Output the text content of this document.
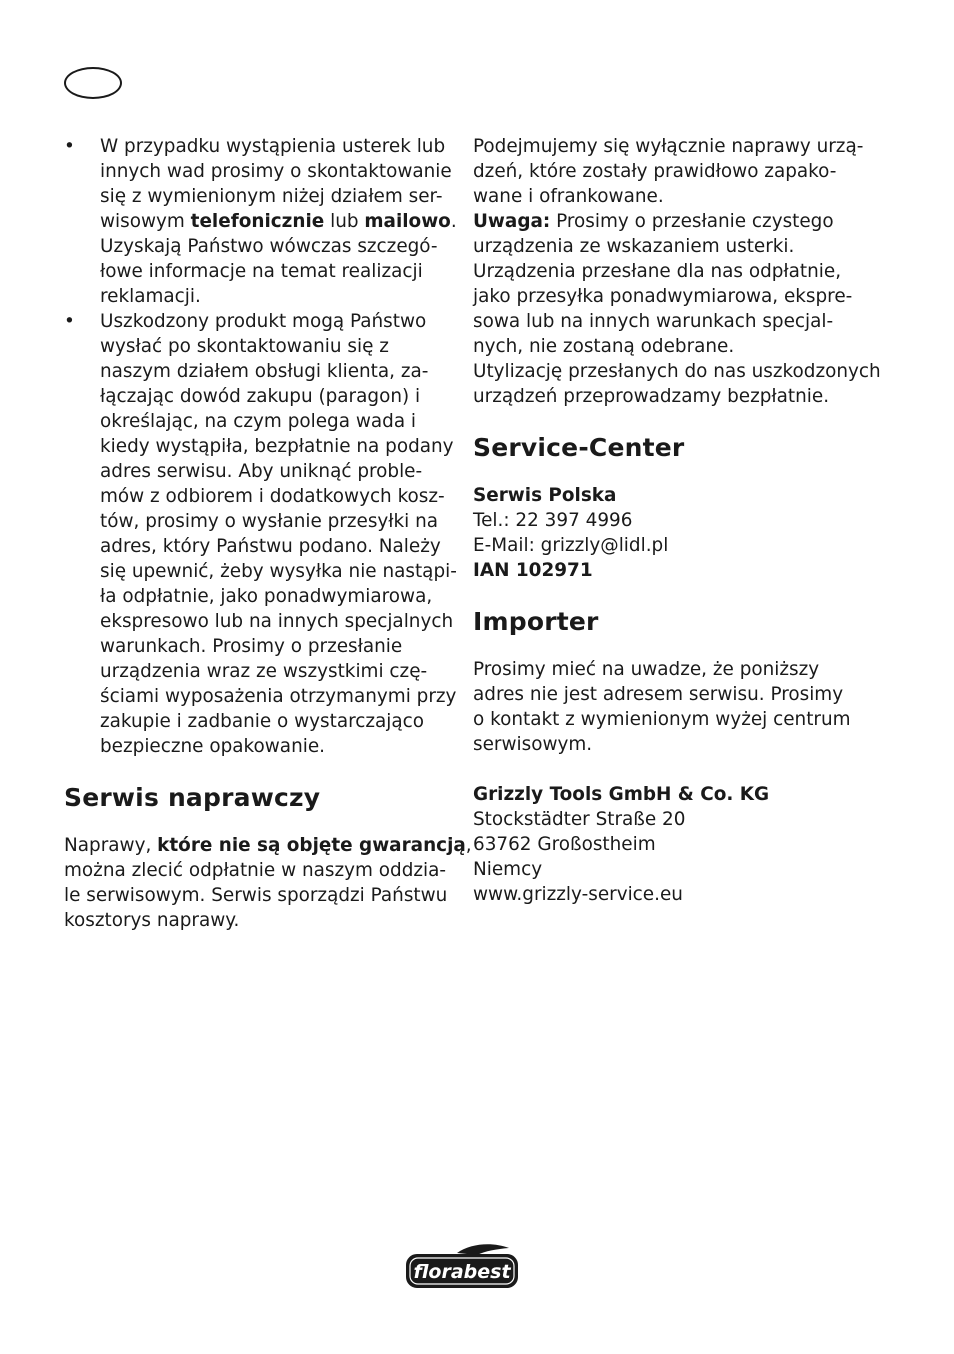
• W przypadku wystąpienia usterek lub
innych wad prosimy o skontaktowanie
się z wymienionym niżej działem ser-
wisowym telefonicznie lub mailowo.
Uzyskają Państwo wówczas szczegó-
łowe informacje na temat realizacji
reklamacji.
• Uszkodzony produkt mogą Państwo
wysłać po skontaktowaniu się z
naszym działem obsługi klienta, za-
łączając dowód zakupu (paragon) i
określając, na czym polega wada i
kiedy wystąpiła, bezpłatnie na podany
adres serwisu. Aby uniknąć proble-
mów z odbiorem i dodatkowych kosz-
tów, prosimy o wysłanie przesyłki na
adres, który Państwu podano. Należy
się upewnić, żeby wysyłka nie nastąpi-
ła odpłatnie, jako ponadwymiarowa,
ekspresowo lub na innych specjalnych
warunkach. Prosimy o przesłanie
urządzenia wraz ze wszystkimi czę-
ściami wyposażenia otrzymanymi przy
zakupie i zadbanie o wystarczająco
bezpieczne opakowanie.
Serwis naprawczy
Naprawy, które nie są objęte gwarancją,
można zlecić odpłatnie w naszym oddzia-
le serwisowym. Serwis sporządzi Państwu
kosztorys naprawy.
Podejmujemy się wyłącznie naprawy urzą-
dzeń, które zostały prawidłowo zapako-
wane i ofrankowane.
Uwaga: Prosimy o przesłanie czystego
urządzenia ze wskazaniem usterki.
Urządzenia przesłane dla nas odpłatnie,
jako przesyłka ponadwymiarowa, ekspre-
sowa lub na innych warunkach specjal-
nych, nie zostaną odebrane.
Utylizację przesłanych do nas uszkodzonych
urządzeń przeprowadzamy bezpłatnie.
Service-Center
Serwis Polska
Tel.: 22 397 4996
E-Mail: grizzly@lidl.pl
IAN 102971
Importer
Prosimy mieć na uwadze, że poniższy
adres nie jest adresem serwisu. Prosimy
o kontakt z wymienionym wyżej centrum
serwisowym.
Grizzly Tools GmbH & Co. KG
Stockstädter Straße 20
63762 Großostheim
Niemcy
www.grizzly-service.eu
florabest
